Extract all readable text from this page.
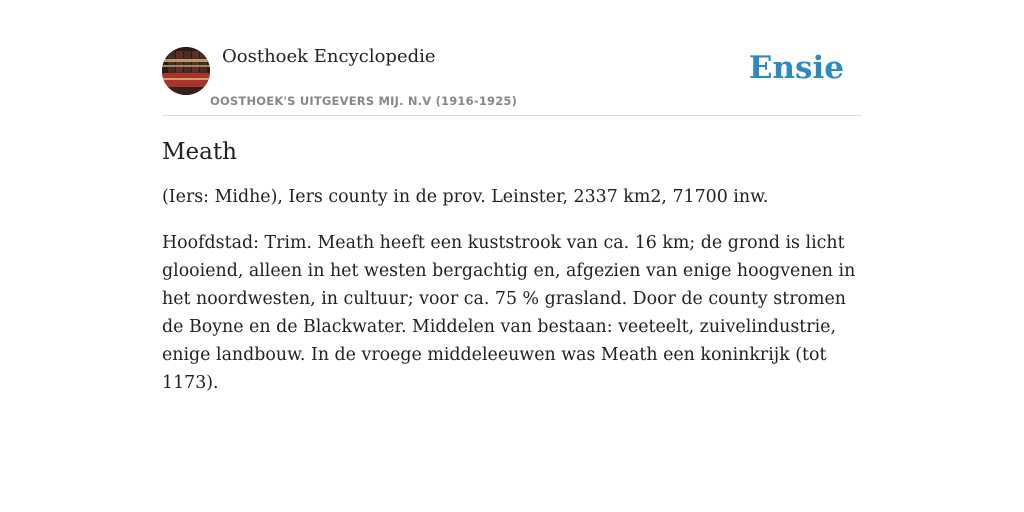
Oosthoek Encyclopedie
OOSTHOEK'S UITGEVERS MIJ. N.V (1916-1925)
Ensie
Meath

(Iers: Midhe), Iers county in de prov. Leinster, 2337 km2, 71700 inw.

Hoofdstad: Trim. Meath heeft een kuststrook van ca. 16 km; de grond is licht glooiend, alleen in het westen bergachtig en, afgezien van enige hoogvenen in het noordwesten, in cultuur; voor ca. 75 % grasland. Door de county stromen de Boyne en de Blackwater. Middelen van bestaan: veeteelt, zuivelindustrie, enige landbouw. In de vroege middeleeuwen was Meath een koninkrijk (tot 1173).
